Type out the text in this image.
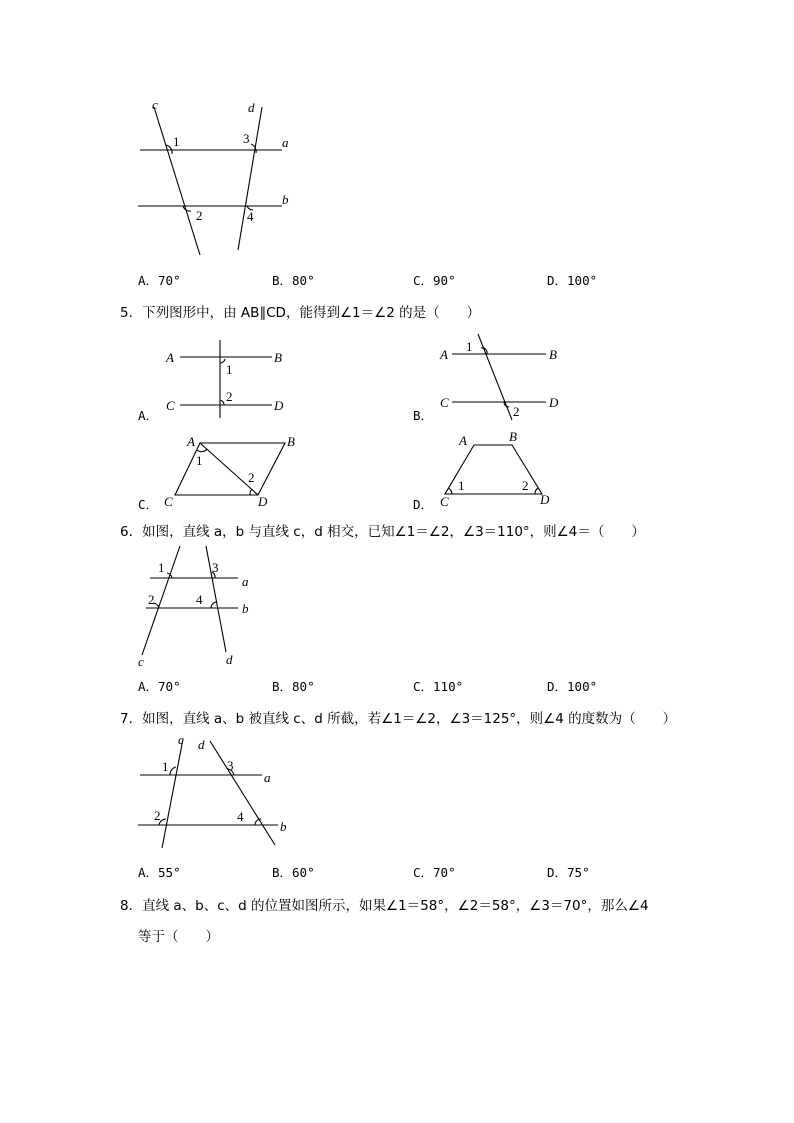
c	d
a
b
1	3
2	4
A．70°	B．80°	C．90°	D．100°
5．下列图形中，由 AB∥CD，能得到∠1＝∠2 的是（　　）
A．
A	B
C	D
1
2
B．
A	B
C	D
1
2
C．
A	B
C	D
1
2
D．
A	B
C	D
1	2
6．如图，直线 a，b 与直线 c，d 相交，已知∠1＝∠2，∠3＝110°，则∠4＝（　　）
1	3
2	4
a
b
c	d
A．70°	B．80°	C．110°	D．100°
7．如图，直线 a、b 被直线 c、d 所截，若∠1＝∠2，∠3＝125°，则∠4 的度数为（　　）
c d
a
b
1	3
2	4
A．55°	B．60°	C．70°	D．75°
8．直线 a、b、c、d 的位置如图所示，如果∠1＝58°，∠2＝58°，∠3＝70°，那么∠4
等于（　　）
